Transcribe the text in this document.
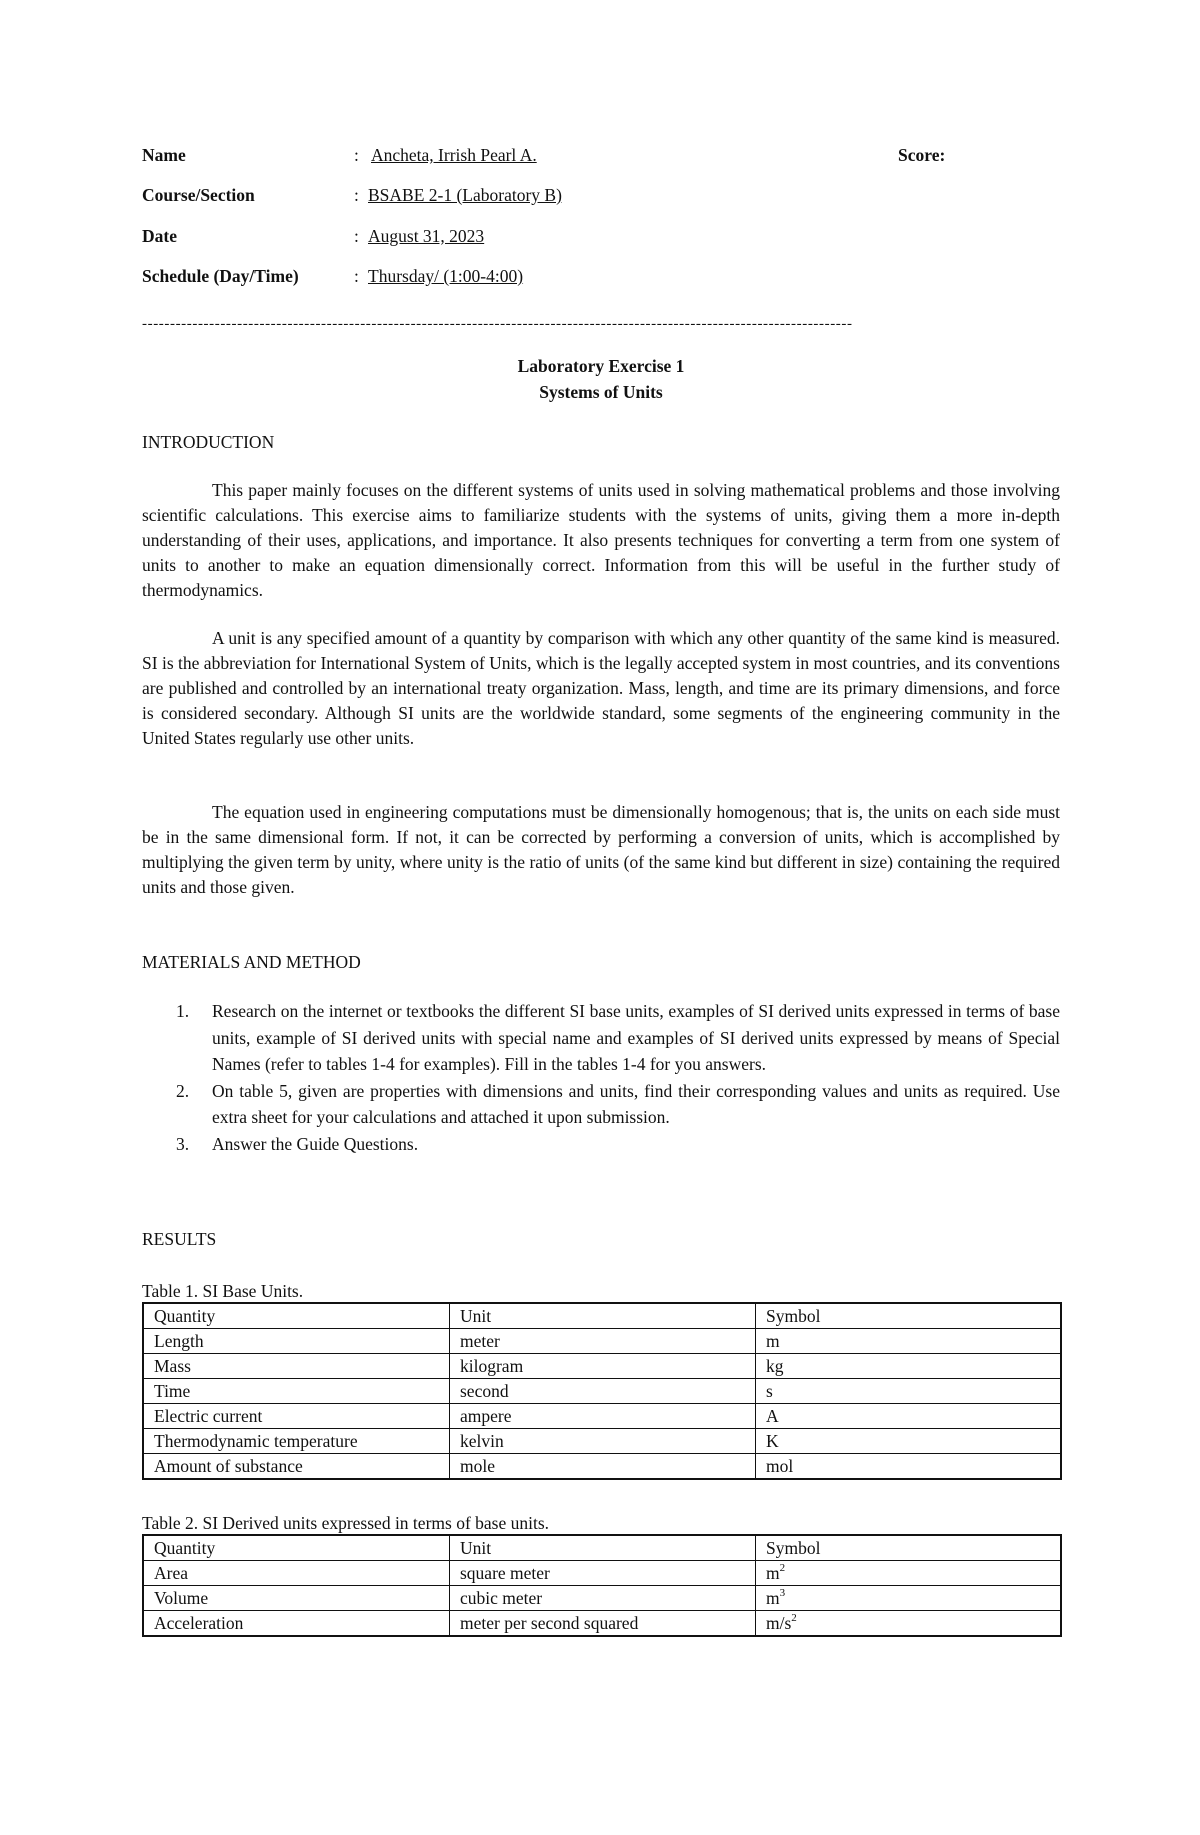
Name	: Ancheta, Irrish Pearl A.	Score:
Course/Section	: BSABE 2-1 (Laboratory B)
Date	: August 31, 2023
Schedule (Day/Time)	: Thursday/ (1:00-4:00)
-------------------------------------------------------------------------------------------------------------------------------
Laboratory Exercise 1
Systems of Units
INTRODUCTION

This paper mainly focuses on the different systems of units used in solving mathematical problems and those involving scientific calculations. This exercise aims to familiarize students with the systems of units, giving them a more in-depth understanding of their uses, applications, and importance. It also presents techniques for converting a term from one system of units to another to make an equation dimensionally correct. Information from this will be useful in the further study of thermodynamics.

A unit is any specified amount of a quantity by comparison with which any other quantity of the same kind is measured. SI is the abbreviation for International System of Units, which is the legally accepted system in most countries, and its conventions are published and controlled by an international treaty organization. Mass, length, and time are its primary dimensions, and force is considered secondary. Although SI units are the worldwide standard, some segments of the engineering community in the United States regularly use other units.

The equation used in engineering computations must be dimensionally homogenous; that is, the units on each side must be in the same dimensional form. If not, it can be corrected by performing a conversion of units, which is accomplished by multiplying the given term by unity, where unity is the ratio of units (of the same kind but different in size) containing the required units and those given.

MATERIALS AND METHOD
1. Research on the internet or textbooks the different SI base units, examples of SI derived units expressed in terms of base units, example of SI derived units with special name and examples of SI derived units expressed by means of Special Names (refer to tables 1-4 for examples). Fill in the tables 1-4 for you answers.
2. On table 5, given are properties with dimensions and units, find their corresponding values and units as required. Use extra sheet for your calculations and attached it upon submission.
3. Answer the Guide Questions.
RESULTS
Table 1. SI Base Units.
Quantity	Unit	Symbol
Length	meter	m
Mass	kilogram	kg
Time	second	s
Electric current	ampere	A
Thermodynamic temperature	kelvin	K
Amount of substance	mole	mol
Table 2. SI Derived units expressed in terms of base units.
Quantity	Unit	Symbol
Area	square meter	$m^2$
Volume	cubic meter	$m^3$
Acceleration	meter per second squared	$m/s^2$
